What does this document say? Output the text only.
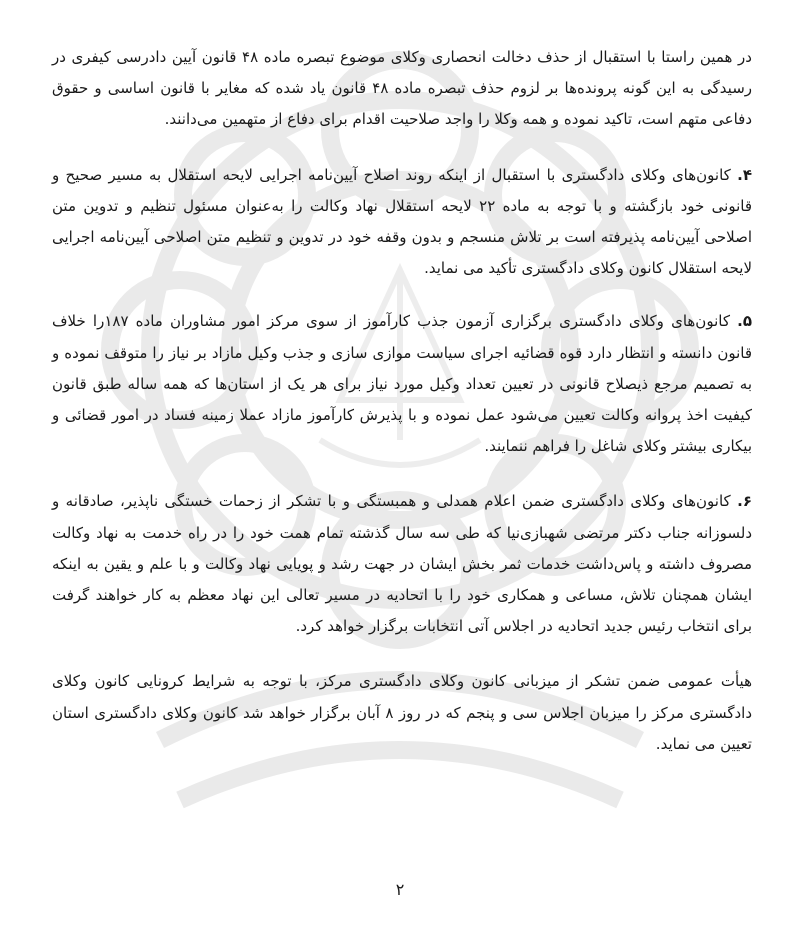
در همین راستا با استقبال از حذف دخالت انحصاری وکلای موضوع تبصره ماده ۴۸ قانون آیین دادرسی کیفری در رسیدگی به این گونه پرونده‌ها بر لزوم حذف تبصره ماده ۴۸ قانون یاد شده که مغایر با قانون اساسی و حقوق دفاعی متهم است، تاکید نموده و همه وکلا را واجد صلاحیت اقدام برای دفاع از متهمین می‌دانند.

۴. کانون‌های وکلای دادگستری با استقبال از اینکه روند اصلاح آیین‌نامه اجرایی لایحه استقلال به مسیر صحیح و قانونی خود بازگشته و با توجه به ماده ۲۲ لایحه استقلال نهاد وکالت را به‌عنوان مسئول تنظیم و تدوین متن اصلاحی آیین‌نامه پذیرفته است بر تلاش منسجم و بدون وقفه خود در تدوین و تنظیم متن اصلاحی آیین‌نامه اجرایی لایحه استقلال کانون وکلای دادگستری تأکید می نماید.

۵. کانون‌های وکلای دادگستری برگزاری آزمون جذب کارآموز از سوی مرکز امور مشاوران ماده ۱۸۷را خلاف قانون دانسته و انتظار دارد قوه قضائیه اجرای سیاست موازی سازی و جذب وکیل مازاد بر نیاز را متوقف نموده و به تصمیم مرجع ذیصلاح قانونی در تعیین تعداد وکیل مورد نیاز برای هر یک از استان‌ها که همه ساله طبق قانون کیفیت اخذ پروانه وکالت تعیین می‌شود عمل نموده و با پذیرش کارآموز مازاد عملا زمینه فساد در امور قضائی و بیکاری بیشتر وکلای شاغل را فراهم ننمایند.

۶. کانون‌های وکلای دادگستری ضمن اعلام همدلی و همبستگی و با تشکر از زحمات خستگی ناپذیر، صادقانه و دلسوزانه جناب دکتر مرتضی شهبازی‌نیا که طی سه سال گذشته تمام همت خود را در راه خدمت به نهاد وکالت مصروف داشته و پاس‌داشت خدمات ثمر بخش ایشان در جهت رشد و پویایی نهاد وکالت و با علم و یقین به اینکه ایشان همچنان تلاش، مساعی و همکاری خود را با اتحادیه در مسیر تعالی این نهاد معظم به کار خواهند گرفت برای انتخاب رئیس جدید اتحادیه در اجلاس آتی انتخابات برگزار خواهد کرد.

هیأت عمومی ضمن تشکر از میزبانی کانون وکلای دادگستری مرکز، با توجه به شرایط کرونایی کانون وکلای دادگستری مرکز را میزبان اجلاس سی و پنجم که در روز ۸ آبان برگزار خواهد شد کانون وکلای دادگستری استان تعیین می نماید.

۲
